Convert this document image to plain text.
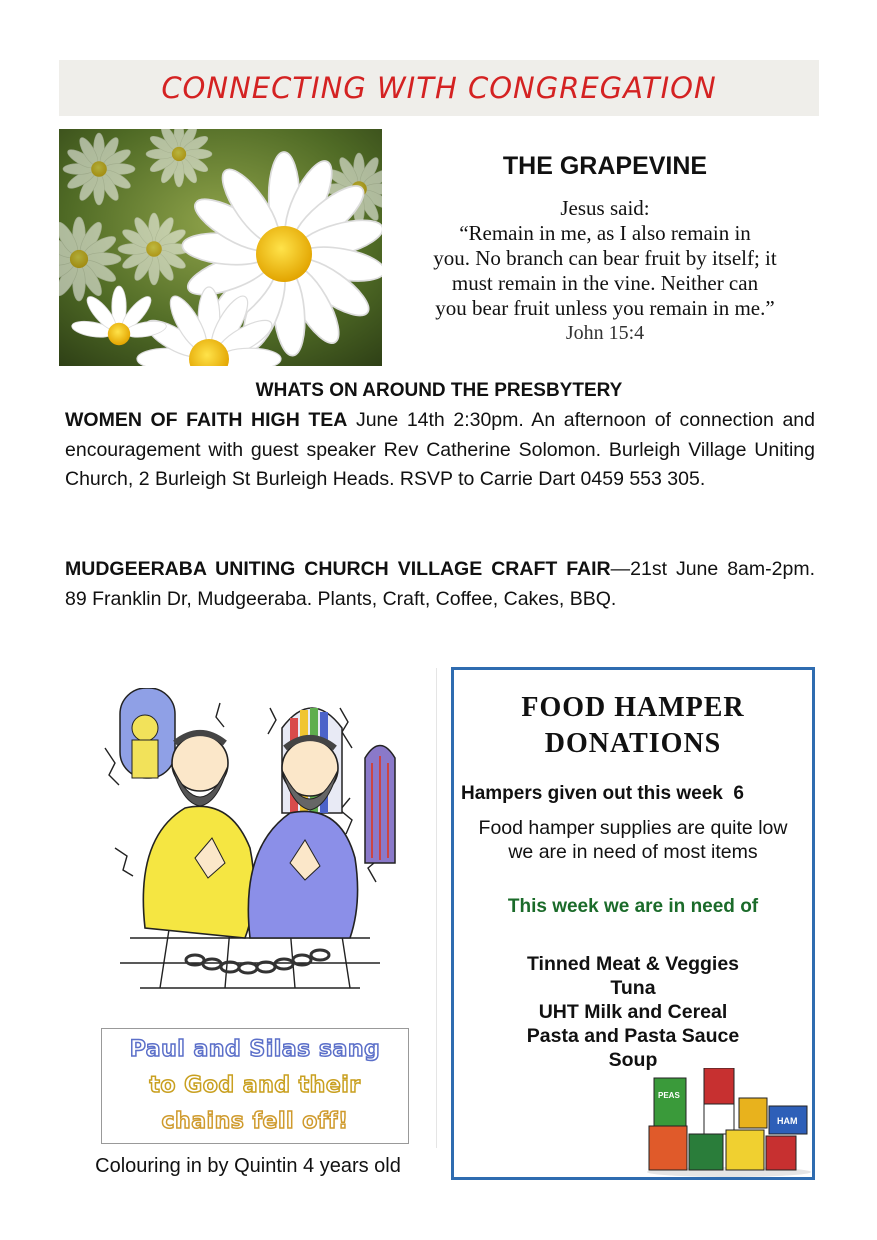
CONNECTING WITH CONGREGATION
THE GRAPEVINE
Jesus said:
“Remain in me, as I also remain in
you. No branch can bear fruit by itself; it
must remain in the vine. Neither can
you bear fruit unless you remain in me.”
John 15:4
WHATS ON AROUND THE PRESBYTERY
WOMEN OF FAITH HIGH TEA June 14th 2:30pm. An afternoon of connection and encouragement with guest speaker Rev Catherine Solomon. Burleigh Village Uniting Church, 2 Burleigh St Burleigh Heads. RSVP to Carrie Dart 0459 553 305.
MUDGEERABA UNITING CHURCH VILLAGE CRAFT FAIR—21st June 8am-2pm. 89 Franklin Dr, Mudgeeraba. Plants, Craft, Coffee, Cakes, BBQ.
Paul and Silas sang
to God and their
chains fell off!
Colouring in by Quintin 4 years old
FOOD HAMPER
DONATIONS
Hampers given out this week  6
Food hamper supplies are quite low
we are in need of most items
This week we are in need of
Tinned Meat & Veggies
Tuna
UHT Milk and Cereal
Pasta and Pasta Sauce
Soup
PEAS
HAM
